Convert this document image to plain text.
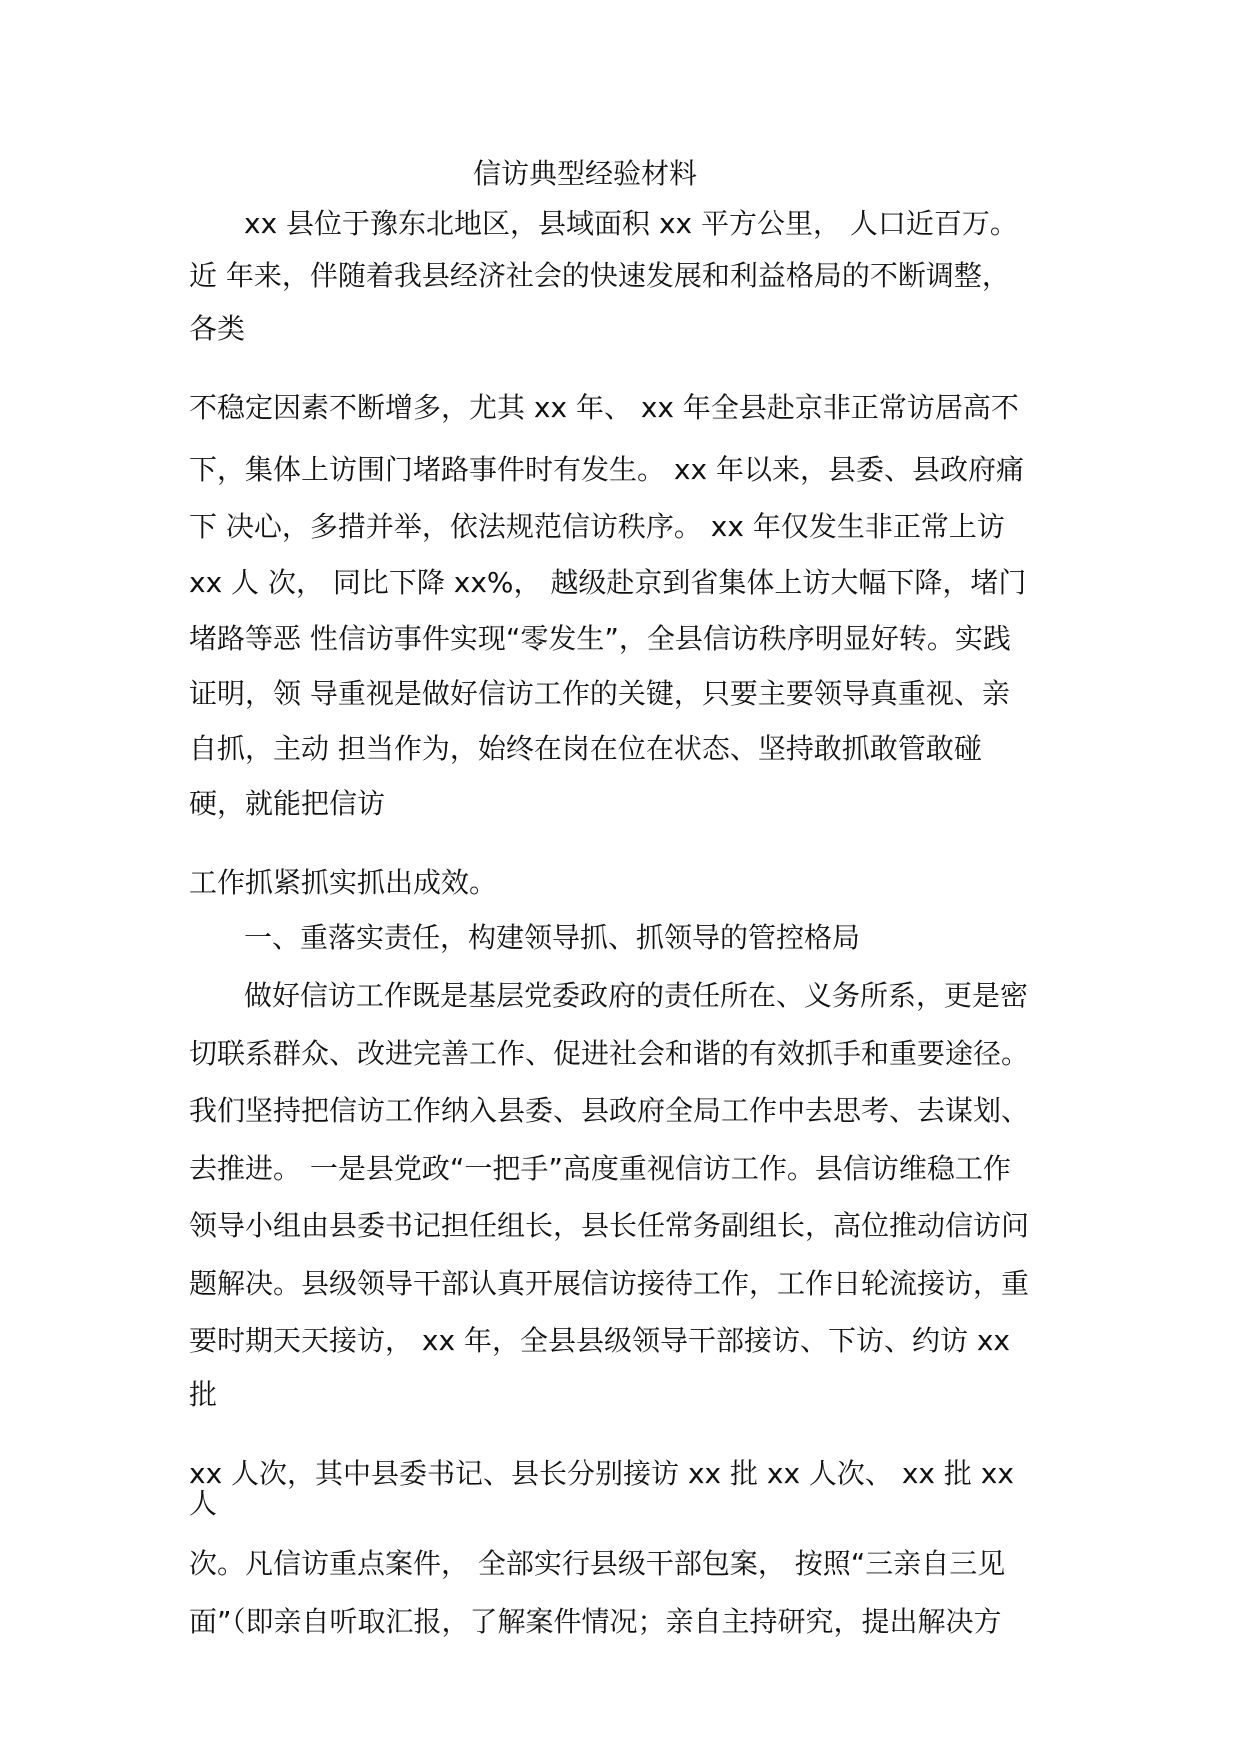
信访典型经验材料
xx 县位于豫东北地区，县域面积 xx 平方公里， 人口近百万。
近 年来，伴随着我县经济社会的快速发展和利益格局的不断调整，
各类
不稳定因素不断增多，尤其 xx 年、 xx 年全县赴京非正常访居高不
下，集体上访围门堵路事件时有发生。 xx 年以来，县委、县政府痛
下 决心，多措并举，依法规范信访秩序。 xx 年仅发生非正常上访
xx 人 次， 同比下降 xx%， 越级赴京到省集体上访大幅下降，堵门
堵路等恶 性信访事件实现“零发生”，全县信访秩序明显好转。实践
证明，领 导重视是做好信访工作的关键，只要主要领导真重视、亲
自抓，主动 担当作为，始终在岗在位在状态、坚持敢抓敢管敢碰
硬，就能把信访
工作抓紧抓实抓出成效。
一、重落实责任，构建领导抓、抓领导的管控格局
做好信访工作既是基层党委政府的责任所在、义务所系，更是密
切联系群众、改进完善工作、促进社会和谐的有效抓手和重要途径。
我们坚持把信访工作纳入县委、县政府全局工作中去思考、去谋划、
去推进。 一是县党政“一把手”高度重视信访工作。县信访维稳工作
领导小组由县委书记担任组长，县长任常务副组长，高位推动信访问
题解决。县级领导干部认真开展信访接待工作，工作日轮流接访，重
要时期天天接访， xx 年，全县县级领导干部接访、下访、约访 xx
批
xx 人次，其中县委书记、县长分别接访 xx 批 xx 人次、 xx 批 xx
人
次。凡信访重点案件， 全部实行县级干部包案， 按照“三亲自三见
面”（即亲自听取汇报，了解案件情况；亲自主持研究，提出解决方
